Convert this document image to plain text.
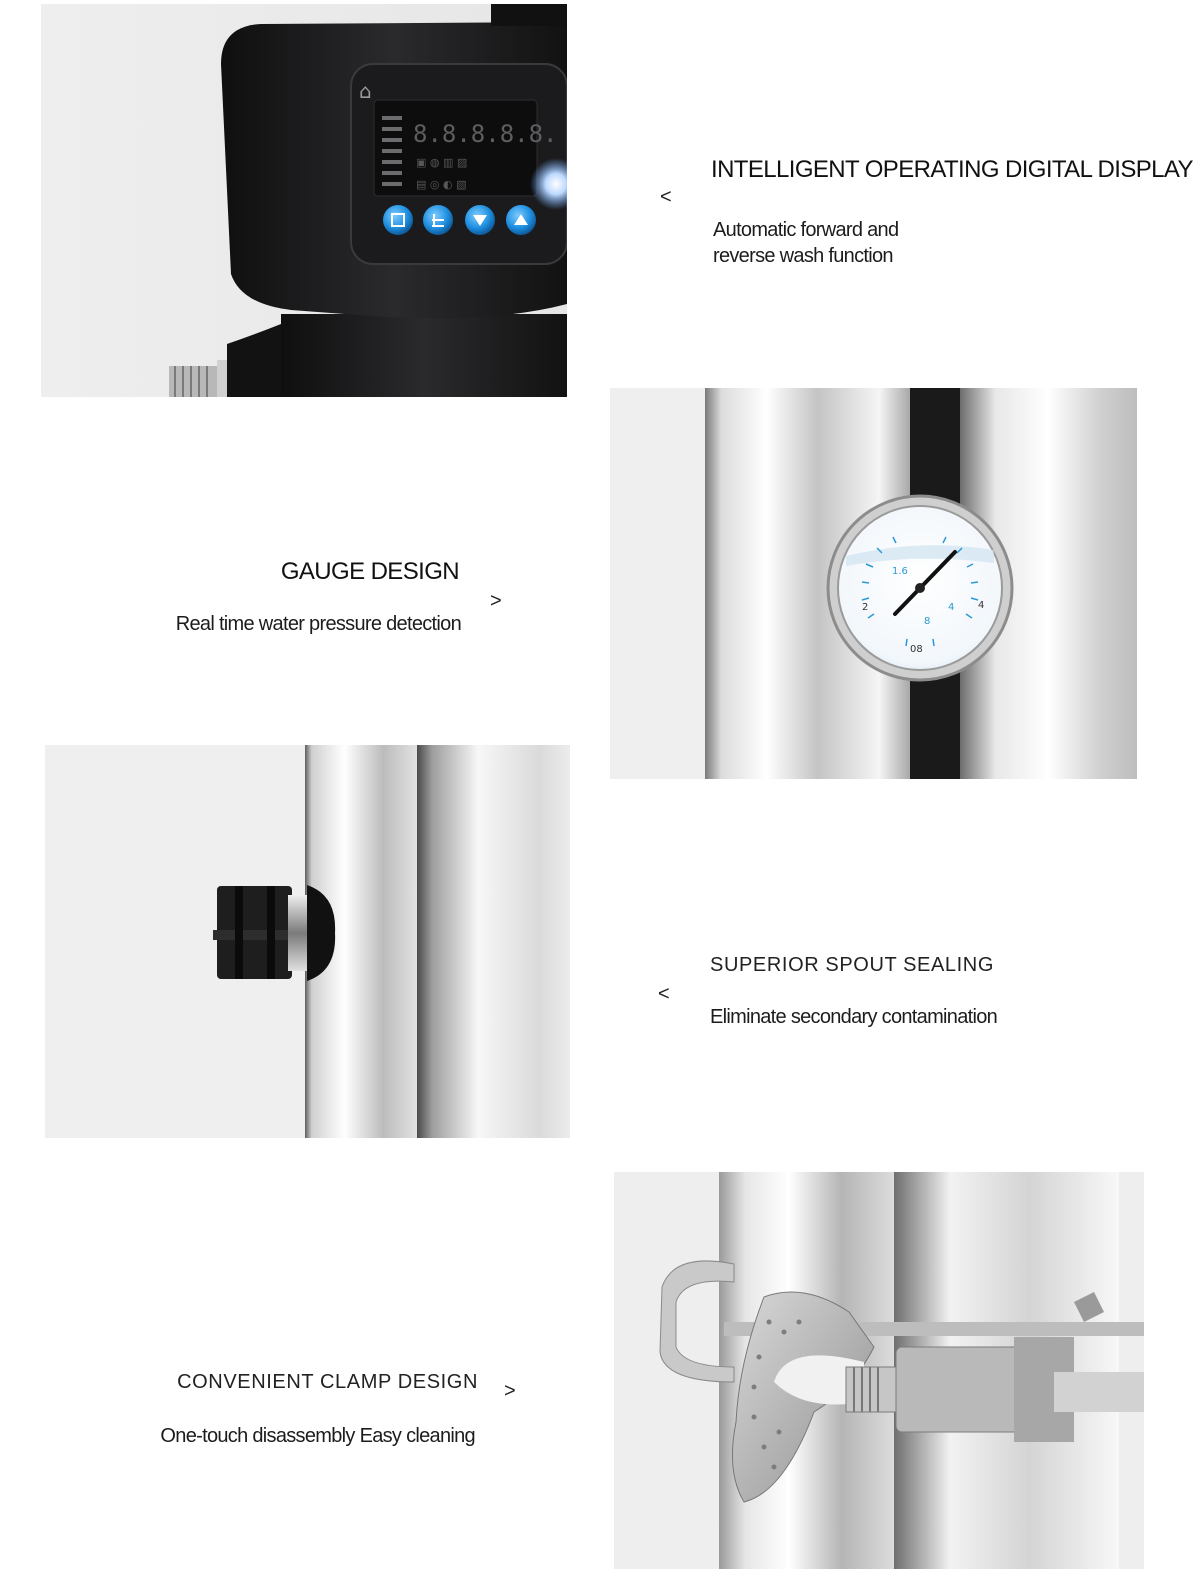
⌂
8.8.8.8.8.
▣ ◍ ▥ ▨
▤ ◎ ◐ ▧
<
INTELLIGENT OPERATING DIGITAL DISPLAY
Automatic forward and
reverse wash function
GAUGE DESIGN
Real time water pressure detection
>
1.6
4
8
2	4
08
<
SUPERIOR SPOUT SEALING
Eliminate secondary contamination
CONVENIENT CLAMP DESIGN
One-touch disassembly Easy cleaning
>
